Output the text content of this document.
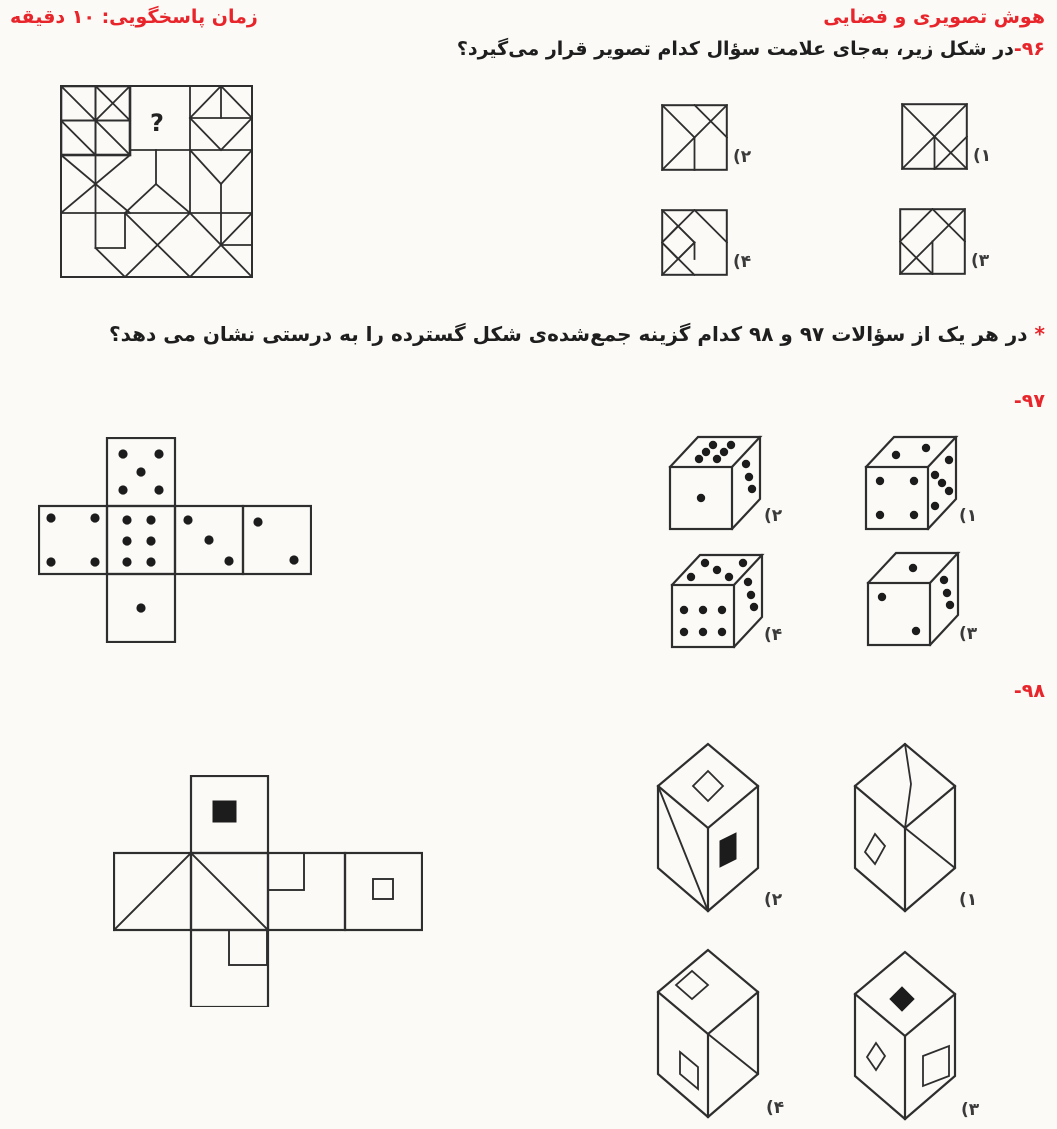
هوش تصویری و فضایی
زمان پاسخگویی: ۱۰ دقیقه
۹۶-در شکل زیر، به‌جای علامت سؤال کدام تصویر قرار می‌گیرد؟
?
(۱
(۲
(۳
(۴
* در هر یک از سؤالات ۹۷ و ۹۸ کدام گزینه جمع‌شده‌ی شکل گسترده را به درستی نشان می دهد؟
-۹۷
(۲	(۱
(۴	(۳
-۹۸
(۲	(۱
(۴	(۳
